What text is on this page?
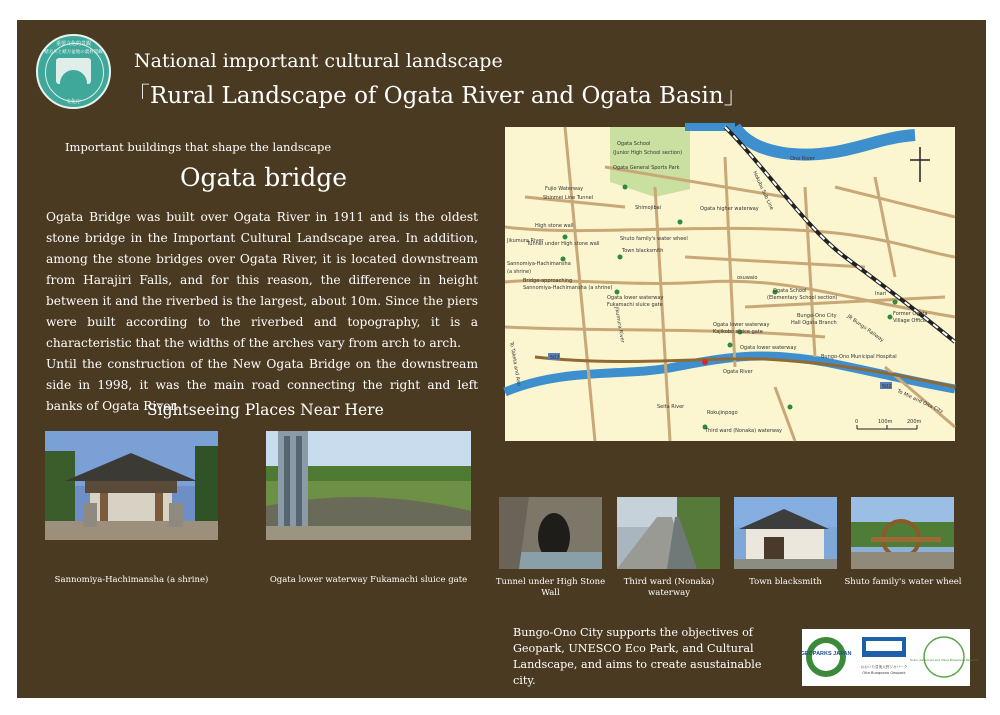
重要文化的景観
緒方川と緒方盆地の農村景観
文化庁
National important cultural landscape
「Rural Landscape of Ogata River and Ogata Basin」
Important buildings that shape the landscape
Ogata bridge

Ogata Bridge was built over Ogata River in 1911 and is the oldest stone bridge in the Important Cultural Landscape area. In addition, among the stone bridges over Ogata River, it is located downstream from Harajiri Falls, and for this reason, the difference in height between it and the riverbed is the largest, about 10m. Since the piers were built according to the riverbed and topography, it is a characteristic that the widths of the arches vary from arch to arch.

Until the construction of the New Ogata Bridge on the downstream side in 1998, it was the main road connecting the right and left banks of Ogata River.

Sightseeing Places Near Here
Sannomiya-Hachimansha (a shrine)	Ogata lower waterway Fukamachi sluice gate	Tunnel under High Stone Wall
Third ward (Nonaka) waterway
Town blacksmith	Shuto family's water wheel
Bungo-Ono City supports the objectives of Geopark, UNESCO Eco Park, and Cultural Landscape, and aims to create asustainable city.
GEOPARKS JAPAN
おおいた豊後大野ジオパーク
Oita Bungoono Geopark
Sobo, Katamuki and Okue Biosphere Reserve
Ogata School
(Junior High School section)
Ogata General Sports Park
Fujio Waterway
Shinmei Line Tunnel
Shimojibai	Ogata higher waterway
Ono River
High stone wall
Tunnel under High stone wall
Jikumura River	Shuto family's water wheel
Sannomiya-Hachimansha
(a shrine)
Town blacksmith
Bridge-approaching
Sannomiya-Hachimansha (a shrine)
Ogata lower waterway
Fukamachi sluice gate
osuwaio
Ogata School
(Elementary School section)
Inari
Former Ogata
Village Office
Bungo-Ono City
Hall Ogata Branch
Ogata lower waterway
Kajikobo sluice gate
Ogata lower waterway
Bungo-Ono Municipal Hospital
Ogata River
Seita River
Rokujinpogo
Third ward (Nonaka) waterway
Jikumura River	JR Bungo Railway
Hokubu Sub Line
To Taketa and Aso
To Mie and Oita City
502
502
0	100m	200m
